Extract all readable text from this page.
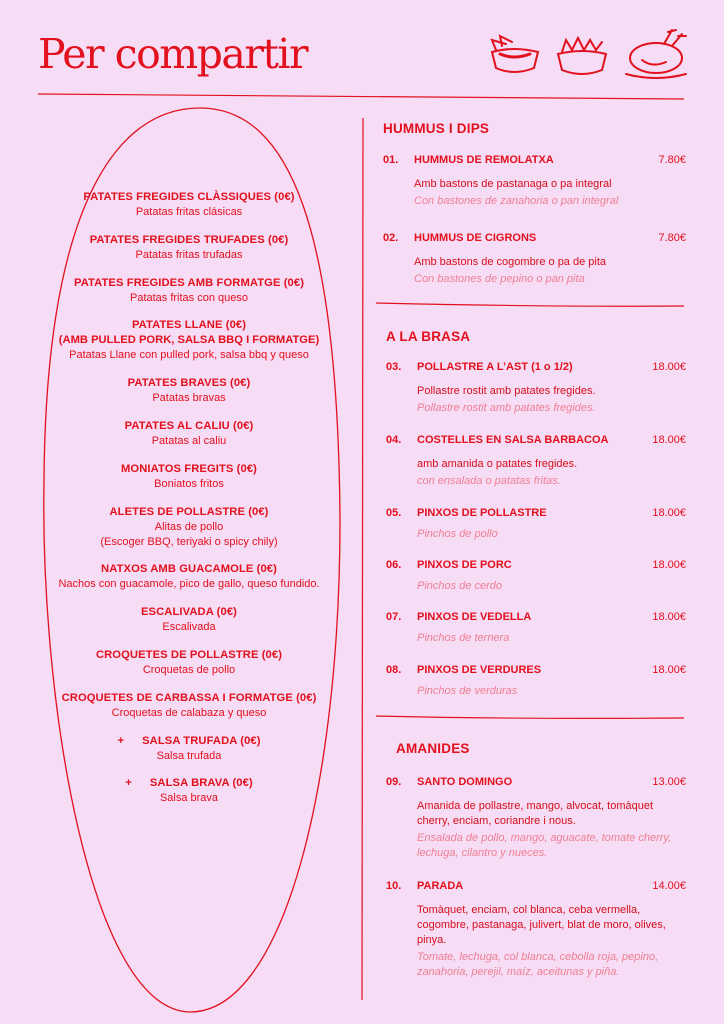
Per compartir
PATATES FREGIDES CLÀSSIQUES (0€)
Patatas fritas clásicas
PATATES FREGIDES TRUFADES (0€)
Patatas fritas trufadas
PATATES FREGIDES AMB FORMATGE (0€)
Patatas fritas con queso
PATATES LLANE (0€)
(AMB PULLED PORK, SALSA BBQ I FORMATGE)
Patatas Llane con pulled pork, salsa bbq y queso
PATATES BRAVES (0€)
Patatas bravas
PATATES AL CALIU (0€)
Patatas al caliu
MONIATOS FREGITS (0€)
Boniatos fritos
ALETES DE POLLASTRE (0€)
Alitas de pollo
(Escoger BBQ, teriyaki o spicy chily)
NATXOS AMB GUACAMOLE (0€)
Nachos con guacamole, pico de gallo, queso fundido.
ESCALIVADA (0€)
Escalivada
CROQUETES DE POLLASTRE (0€)
Croquetas de pollo
CROQUETES DE CARBASSA I FORMATGE (0€)
Croquetas de calabaza y queso
+ SALSA TRUFADA (0€)
Salsa trufada
+ SALSA BRAVA (0€)
Salsa brava
HUMMUS I DIPS
01. HUMMUS DE REMOLATXA	7.80€
Amb bastons de pastanaga o pa integral
Con bastones de zanahoria o pan integral
02. HUMMUS DE CIGRONS	7.80€
Amb bastons de cogombre o pa de pita
Con bastones de pepino o pan pita
A LA BRASA
03. POLLASTRE A L’AST (1 o 1/2)	18.00€
Pollastre rostit amb patates fregides.
Pollastre rostit amb patates fregides.
04. COSTELLES EN SALSA BARBACOA	18.00€
amb amanida o patates fregides.
con ensalada o patatas fritas.
05. PINXOS DE POLLASTRE	18.00€
Pinchos de pollo
06. PINXOS DE PORC	18.00€
Pinchos de cerdo
07. PINXOS DE VEDELLA	18.00€
Pinchos de ternera
08. PINXOS DE VERDURES	18.00€
Pinchos de verduras
AMANIDES
09. SANTO DOMINGO	13.00€
Amanida de pollastre, mango, alvocat, tomàquet cherry, enciam, coriandre i nous.
Ensalada de pollo, mango, aguacate, tomate cherry, lechuga, cilantro y nueces.
10. PARADA	14.00€
Tomàquet, enciam, col blanca, ceba vermella, cogombre, pastanaga, julivert, blat de moro, olives, pinya.
Tomate, lechuga, col blanca, cebolla roja, pepino, zanahoria, perejil, maíz, aceitunas y piña.
